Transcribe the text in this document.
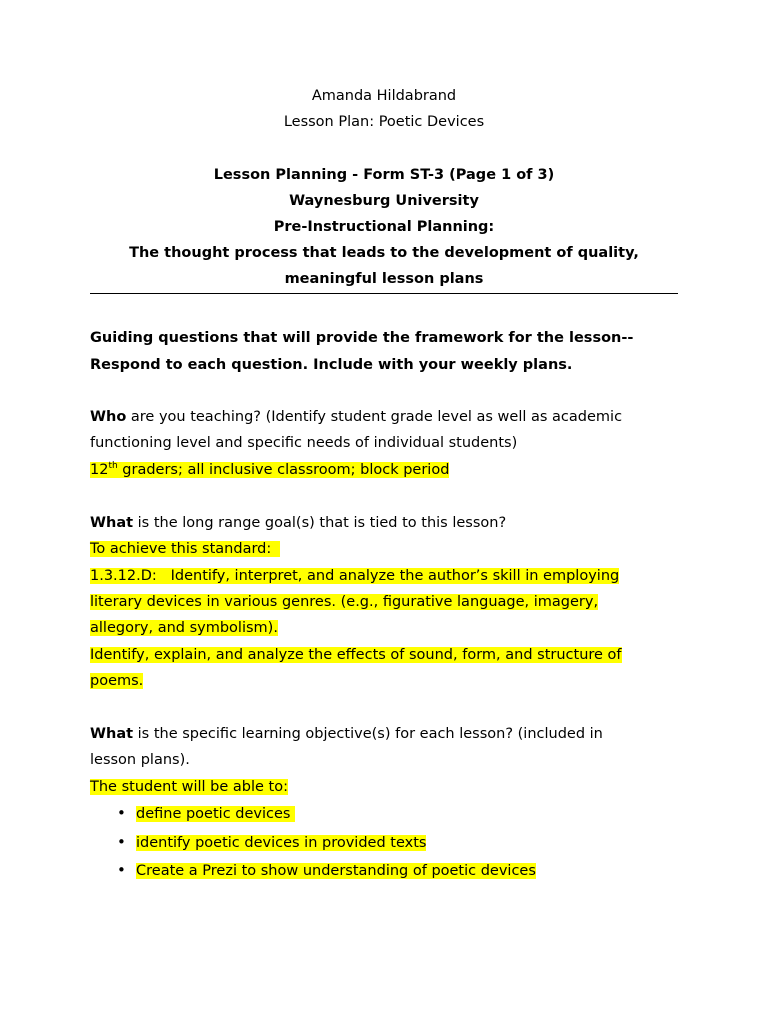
Amanda Hildabrand
Lesson Plan: Poetic Devices
Lesson Planning - Form ST-3 (Page 1 of 3)
Waynesburg University
Pre-Instructional Planning:
The thought process that leads to the development of quality,
meaningful lesson plans
Guiding questions that will provide the framework for the lesson--
Respond to each question. Include with your weekly plans.
Who are you teaching? (Identify student grade level as well as academic
functioning level and specific needs of individual students)
12th graders; all inclusive classroom; block period
What is the long range goal(s) that is tied to this lesson?
To achieve this standard:
1.3.12.D:   Identify, interpret, and analyze the author’s skill in employing
literary devices in various genres. (e.g., figurative language, imagery,
allegory, and symbolism).
Identify, explain, and analyze the effects of sound, form, and structure of
poems.
What is the specific learning objective(s) for each lesson? (included in
lesson plans).
The student will be able to:
• define poetic devices
• identify poetic devices in provided texts
• Create a Prezi to show understanding of poetic devices
